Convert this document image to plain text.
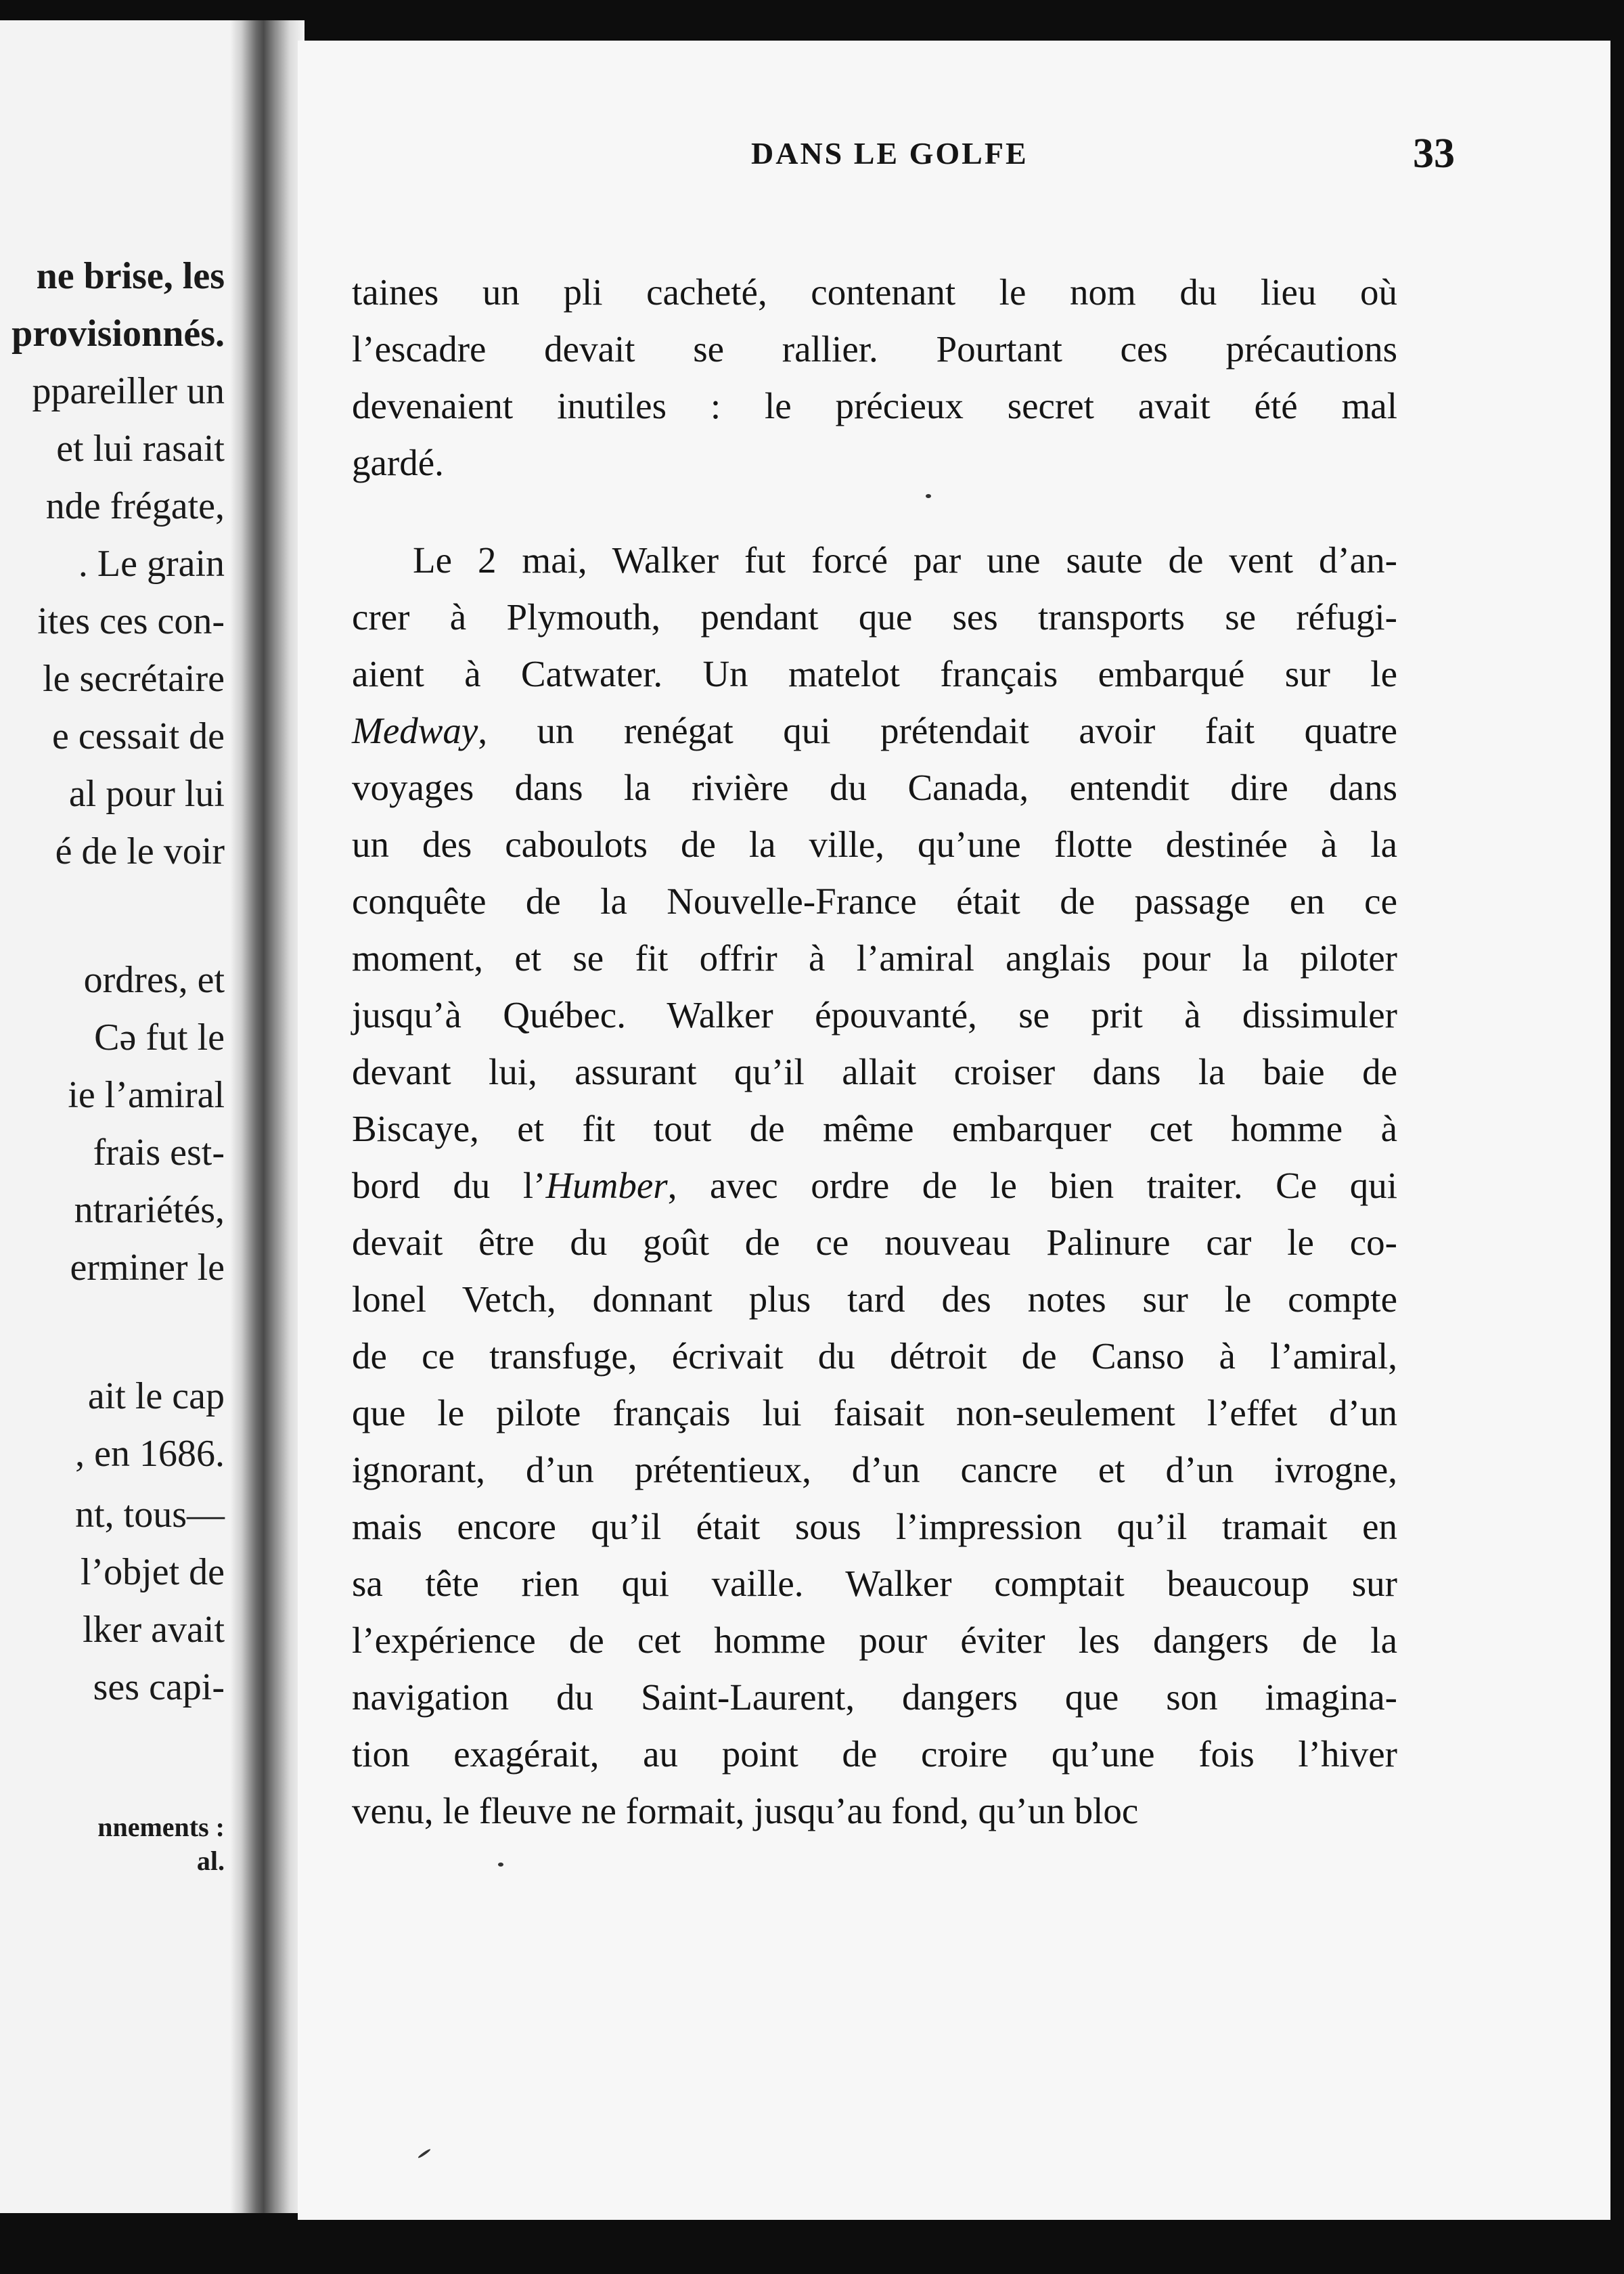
ne brise, les
provisionnés.
ppareiller un
et lui rasait
nde frégate,
. Le grain
ites ces con-
le secrétaire
e cessait de
al pour lui
é de le voir
ordres, et
Cə fut le
ie l’amiral
frais est-
ntrariétés,
erminer le
ait le cap
, en 1686.
nt, tous—
l’objet de
lker avait
ses capi-
nnements :
al.
DANS LE GOLFE	33
taines un pli cacheté, contenant le nom du lieu où
l’escadre devait se rallier. Pourtant ces précautions
devenaient inutiles : le précieux secret avait été mal
gardé.
Le 2 mai, Walker fut forcé par une saute de vent d’an-
crer à Plymouth, pendant que ses transports se réfugi-
aient à Catwater. Un matelot français embarqué sur le
Medway, un renégat qui prétendait avoir fait quatre
voyages dans la rivière du Canada, entendit dire dans
un des caboulots de la ville, qu’une flotte destinée à la
conquête de la Nouvelle-France était de passage en ce
moment, et se fit offrir à l’amiral anglais pour la piloter
jusqu’à Québec. Walker épouvanté, se prit à dissimuler
devant lui, assurant qu’il allait croiser dans la baie de
Biscaye, et fit tout de même embarquer cet homme à
bord du l’Humber, avec ordre de le bien traiter. Ce qui
devait être du goût de ce nouveau Palinure car le co-
lonel Vetch, donnant plus tard des notes sur le compte
de ce transfuge, écrivait du détroit de Canso à l’amiral,
que le pilote français lui faisait non-seulement l’effet d’un
ignorant, d’un prétentieux, d’un cancre et d’un ivrogne,
mais encore qu’il était sous l’impression qu’il tramait en
sa tête rien qui vaille. Walker comptait beaucoup sur
l’expérience de cet homme pour éviter les dangers de la
navigation du Saint-Laurent, dangers que son imagina-
tion exagérait, au point de croire qu’une fois l’hiver
venu, le fleuve ne formait, jusqu’au fond, qu’un bloc
